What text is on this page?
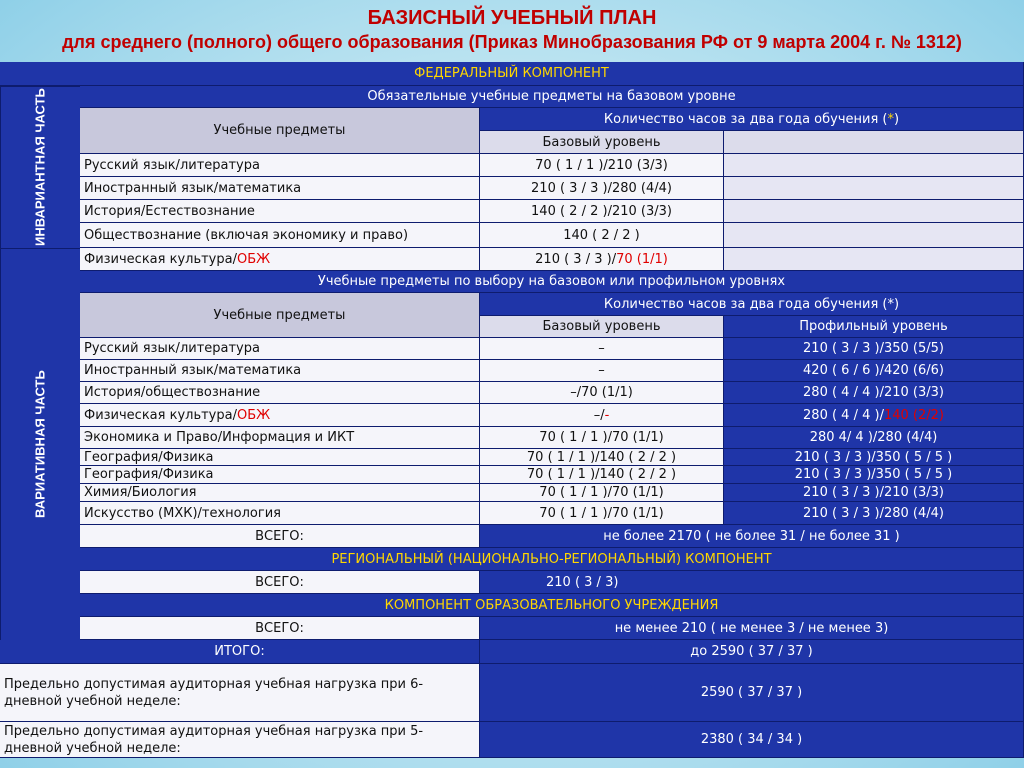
БАЗИСНЫЙ УЧЕБНЫЙ ПЛАН
для среднего (полного) общего образования (Приказ Минобразования РФ от 9 марта 2004 г. № 1312)
ФЕДЕРАЛЬНЫЙ КОМПОНЕНТ
ИНВАРИАНТНАЯ ЧАСТЬ	Обязательные учебные предметы на базовом уровне
Учебные предметы
Количество часов за два года обучения ( * )
Базовый уровень
Русский язык/литература	70 ( 1 / 1 )/210 (3/3)
Иностранный язык/математика	210 ( 3 / 3 )/280 (4/4)
История/Естествознание	140 ( 2 / 2 )/210 (3/3)
Обществознание (включая экономику и право)	140 ( 2 / 2 )
ВАРИАТИВНАЯ ЧАСТЬ
Физическая культура/ ОБЖ	210 ( 3 / 3 )/ 70 (1/1)
Учебные предметы по выбору на базовом или профильном уровнях
Учебные предметы
Количество часов за два года обучения (*)
Базовый уровень	Профильный уровень
Русский язык/литература	–	210 ( 3 / 3 )/350 (5/5)
Иностранный язык/математика	–	420 ( 6 / 6 )/420 (6/6)
История/обществознание	–/70 (1/1)	280 ( 4 / 4 )/210 (3/3)
Физическая культура/ ОБЖ	–/ -	280 ( 4 / 4 )/ 140 (2/2)
Экономика и Право/Информация и ИКТ	70 ( 1 / 1 )/70 (1/1)	280 4/ 4 )/280 (4/4)
География/Физика	70 ( 1 / 1 )/140 ( 2 / 2 )	210 ( 3 / 3 )/350 ( 5 / 5 )
География/Физика	70 ( 1 / 1 )/140 ( 2 / 2 )	210 ( 3 / 3 )/350 ( 5 / 5 )
Химия/Биология	70 ( 1 / 1 )/70 (1/1)	210 ( 3 / 3 )/210 (3/3)
Искусство (МХК)/технология	70 ( 1 / 1 )/70 (1/1)	210 ( 3 / 3 )/280 (4/4)
ВСЕГО:	не более 2170 ( не более 31 / не более 31 )
РЕГИОНАЛЬНЫЙ (НАЦИОНАЛЬНО-РЕГИОНАЛЬНЫЙ) КОМПОНЕНТ
ВСЕГО:	210 ( 3 / 3)
КОМПОНЕНТ ОБРАЗОВАТЕЛЬНОГО УЧРЕЖДЕНИЯ
ВСЕГО:	не менее 210 ( не менее 3 / не менее 3)
ИТОГО:	до 2590 ( 37 / 37 )
Предельно допустимая аудиторная учебная нагрузка при 6-дневной учебной неделе:
2590 ( 37 / 37 )
Предельно допустимая аудиторная учебная нагрузка при 5-дневной учебной неделе:
2380 ( 34 / 34 )
